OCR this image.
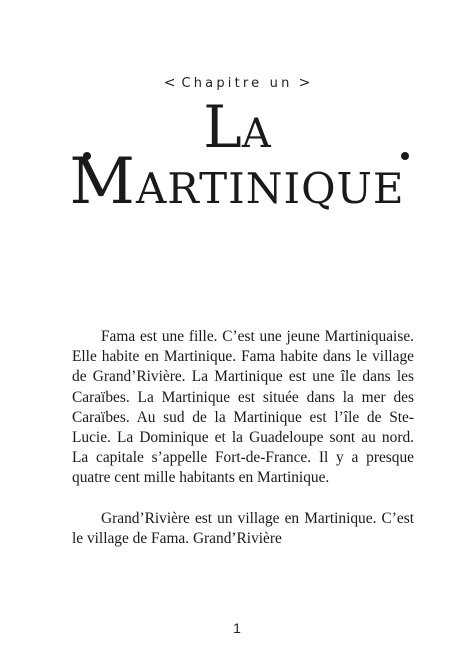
< Chapitre un >
LA
MARTINIQUE

Fama est une fille. C’est une jeune Martiniquaise. Elle habite en Martinique. Fama habite dans le village de Grand’Rivière. La Martinique est une île dans les Caraïbes. La Martinique est située dans la mer des Caraïbes. Au sud de la Martinique est l’île de Ste-Lucie. La Dominique et la Guadeloupe sont au nord. La capitale s’appelle Fort-de-France. Il y a presque quatre cent mille habitants en Martinique.

Grand’Rivière est un village en Martinique. C’est le village de Fama. Grand’Rivière

1
